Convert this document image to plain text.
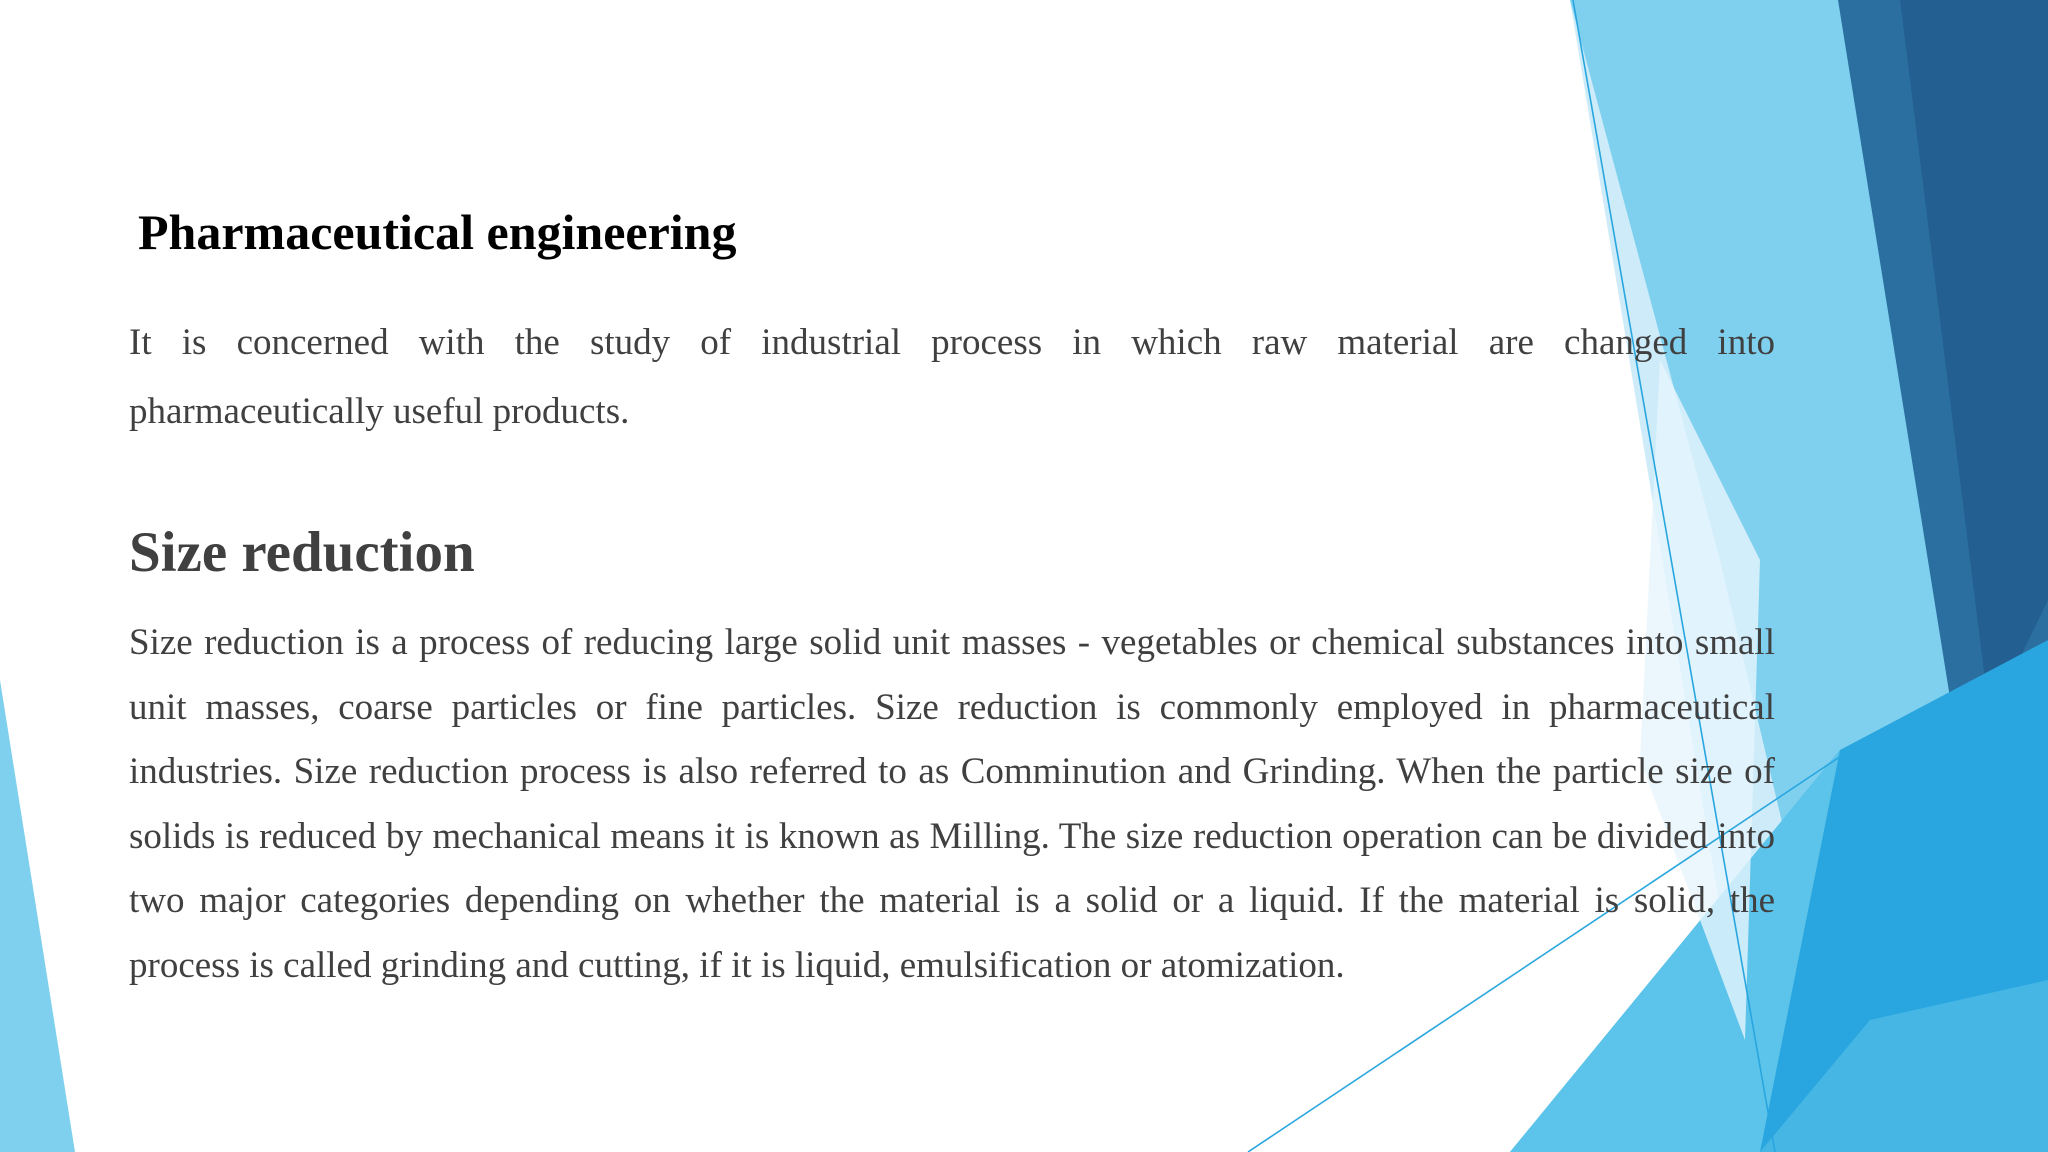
Pharmaceutical engineering

It is concerned with the study of industrial process in which raw material are changed into
pharmaceutically useful products.

Size reduction

Size reduction is a process of reducing large solid unit masses - vegetables or chemical substances into small unit masses, coarse particles or fine particles. Size reduction is commonly employed in pharmaceutical industries. Size reduction process is also referred to as Comminution and Grinding. When the particle size of solids is reduced by mechanical means it is known as Milling. The size reduction operation can be divided into two major categories depending on whether the material is a solid or a liquid. If the material is solid, the process is called grinding and cutting, if it is liquid, emulsification or atomization.
